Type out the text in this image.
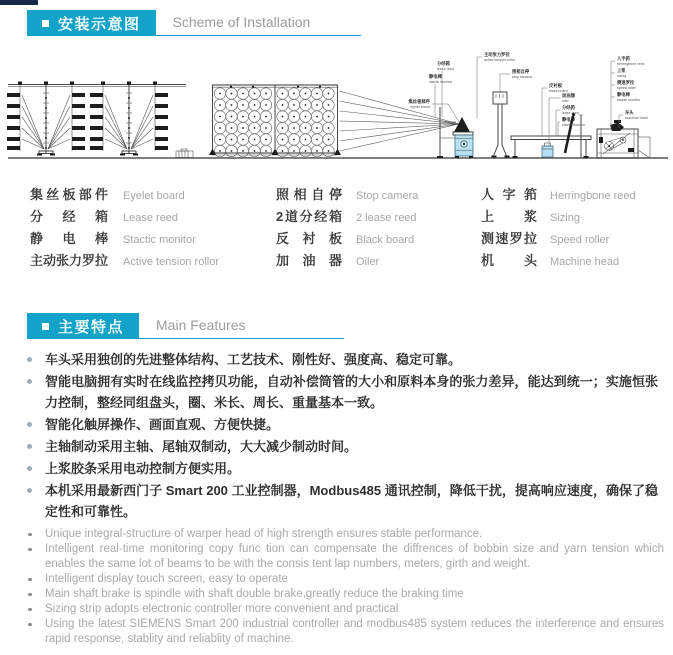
安装示意图	Scheme of Installation
集丝板部件
eyelet board
分经箱
lease reed
静电棒
stactic monitor
主动张力罗拉
active tension rollor
照相自停
stop camera
反衬板
black board
加油器
oiler
分经筘
lease reed
静电棒
stactic monitor
人字筘
herringbone reed
上浆
sizing
测速罗拉
speed roller
静电棒
stactic monitor
车头
machine head
集丝板部件 Eyelet board
分经箱 Lease reed
静电棒 Stactic monitor
主动张力罗拉 Active tension rollor
照相自停 Stop camera
2道分经箱 2 lease reed
反衬板 Black board
加油器 Oiler
人字筘 Herringbone reed
上浆 Sizing
测速罗拉 Speed roller
机头 Machine head
主要特点	Main Features
车头采用独创的先进整体结构、工艺技术、刚性好、强度高、稳定可靠。
智能电脑拥有实时在线监控拷贝功能，自动补偿筒管的大小和原料本身的张力差异，能达到统一；实施恒张力控制，整经同组盘头，圈、米长、周长、重量基本一致。
智能化触屏操作、画面直观、方便快捷。
主轴制动采用主轴、尾轴双制动，大大减少制动时间。
上浆胶条采用电动控制方便实用。
本机采用最新西门子 Smart 200 工业控制器，Modbus485 通讯控制，降低干扰，提高响应速度，确保了稳定性和可靠性。
Unique integral-structure of warper head of high strength ensures stable performance.
Intelligent real-time monitoring copy func tion can compensate the diffrences of bobbin size and yarn tension which enables the same lot of beams to be with the consis tent lap numbers, meters, girth and weight.
Intelligent display touch screen, easy to operate
Main shaft brake is spindle with shaft double brake,greatly reduce the braking time
Sizing strip adopts electronic controller more convenient and practical
Using the latest SIEMENS Smart 200 industrial controller and modbus485 system reduces the interference and ensures rapid response, stablity and reliablity of machine.
